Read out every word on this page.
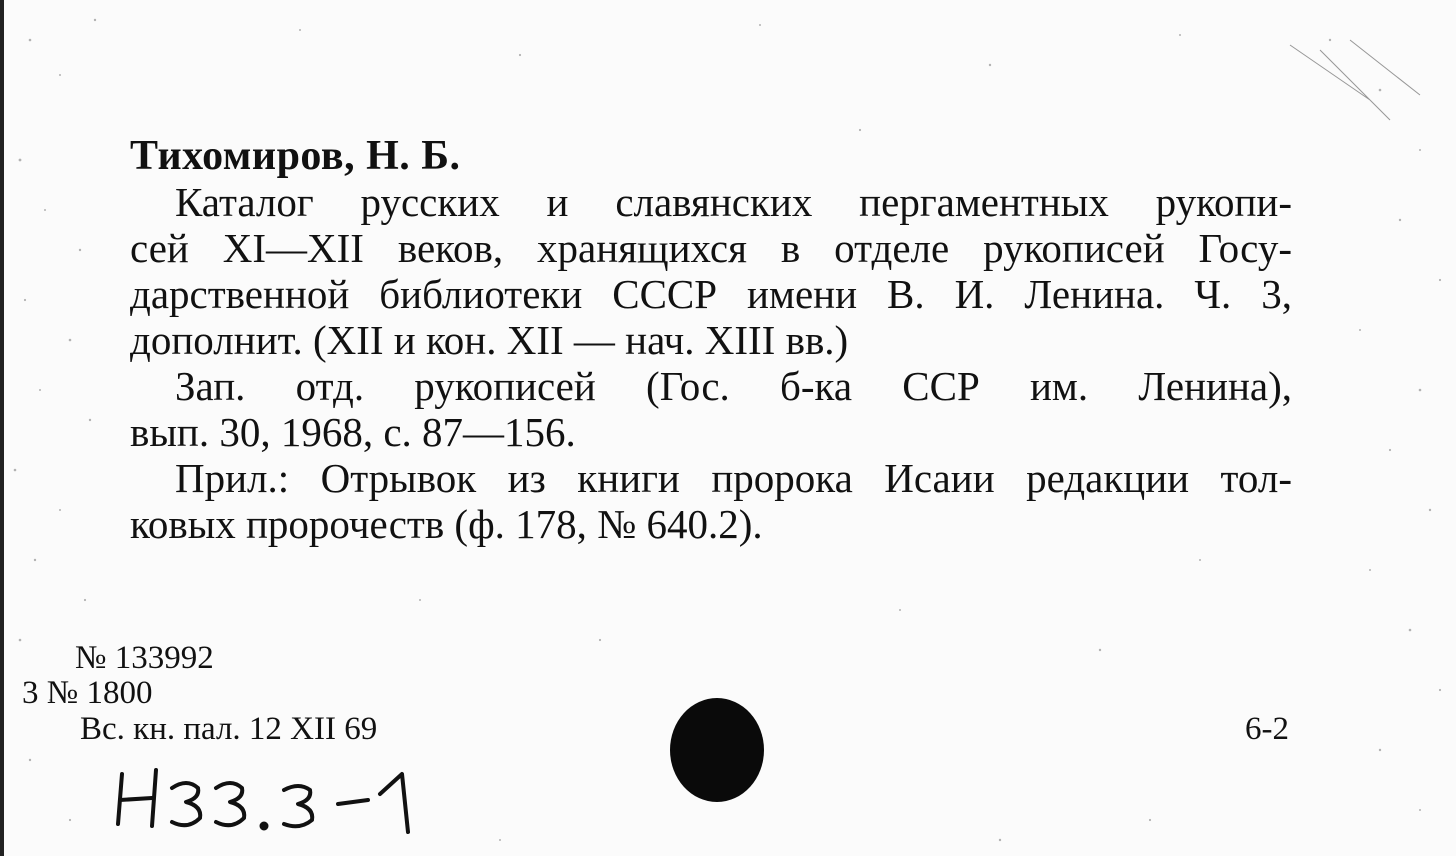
Тихомиров, Н. Б.
Каталог русских и славянских пергаментных рукопи-
сей XI—XII веков, хранящихся в отделе рукописей Госу-
дарственной библиотеки СССР имени В. И. Ленина. Ч. 3,
дополнит. (XII и кон. XII — нач. XIII вв.)
Зап. отд. рукописей (Гос. б-ка ССР им. Ленина),
вып. 30, 1968, с. 87—156.
Прил.: Отрывок из книги пророка Исаии редакции тол-
ковых пророчеств (ф. 178, № 640.2).
№ 133992
3 № 1800
Вс. кн. пал. 12 XII 69	6-2
